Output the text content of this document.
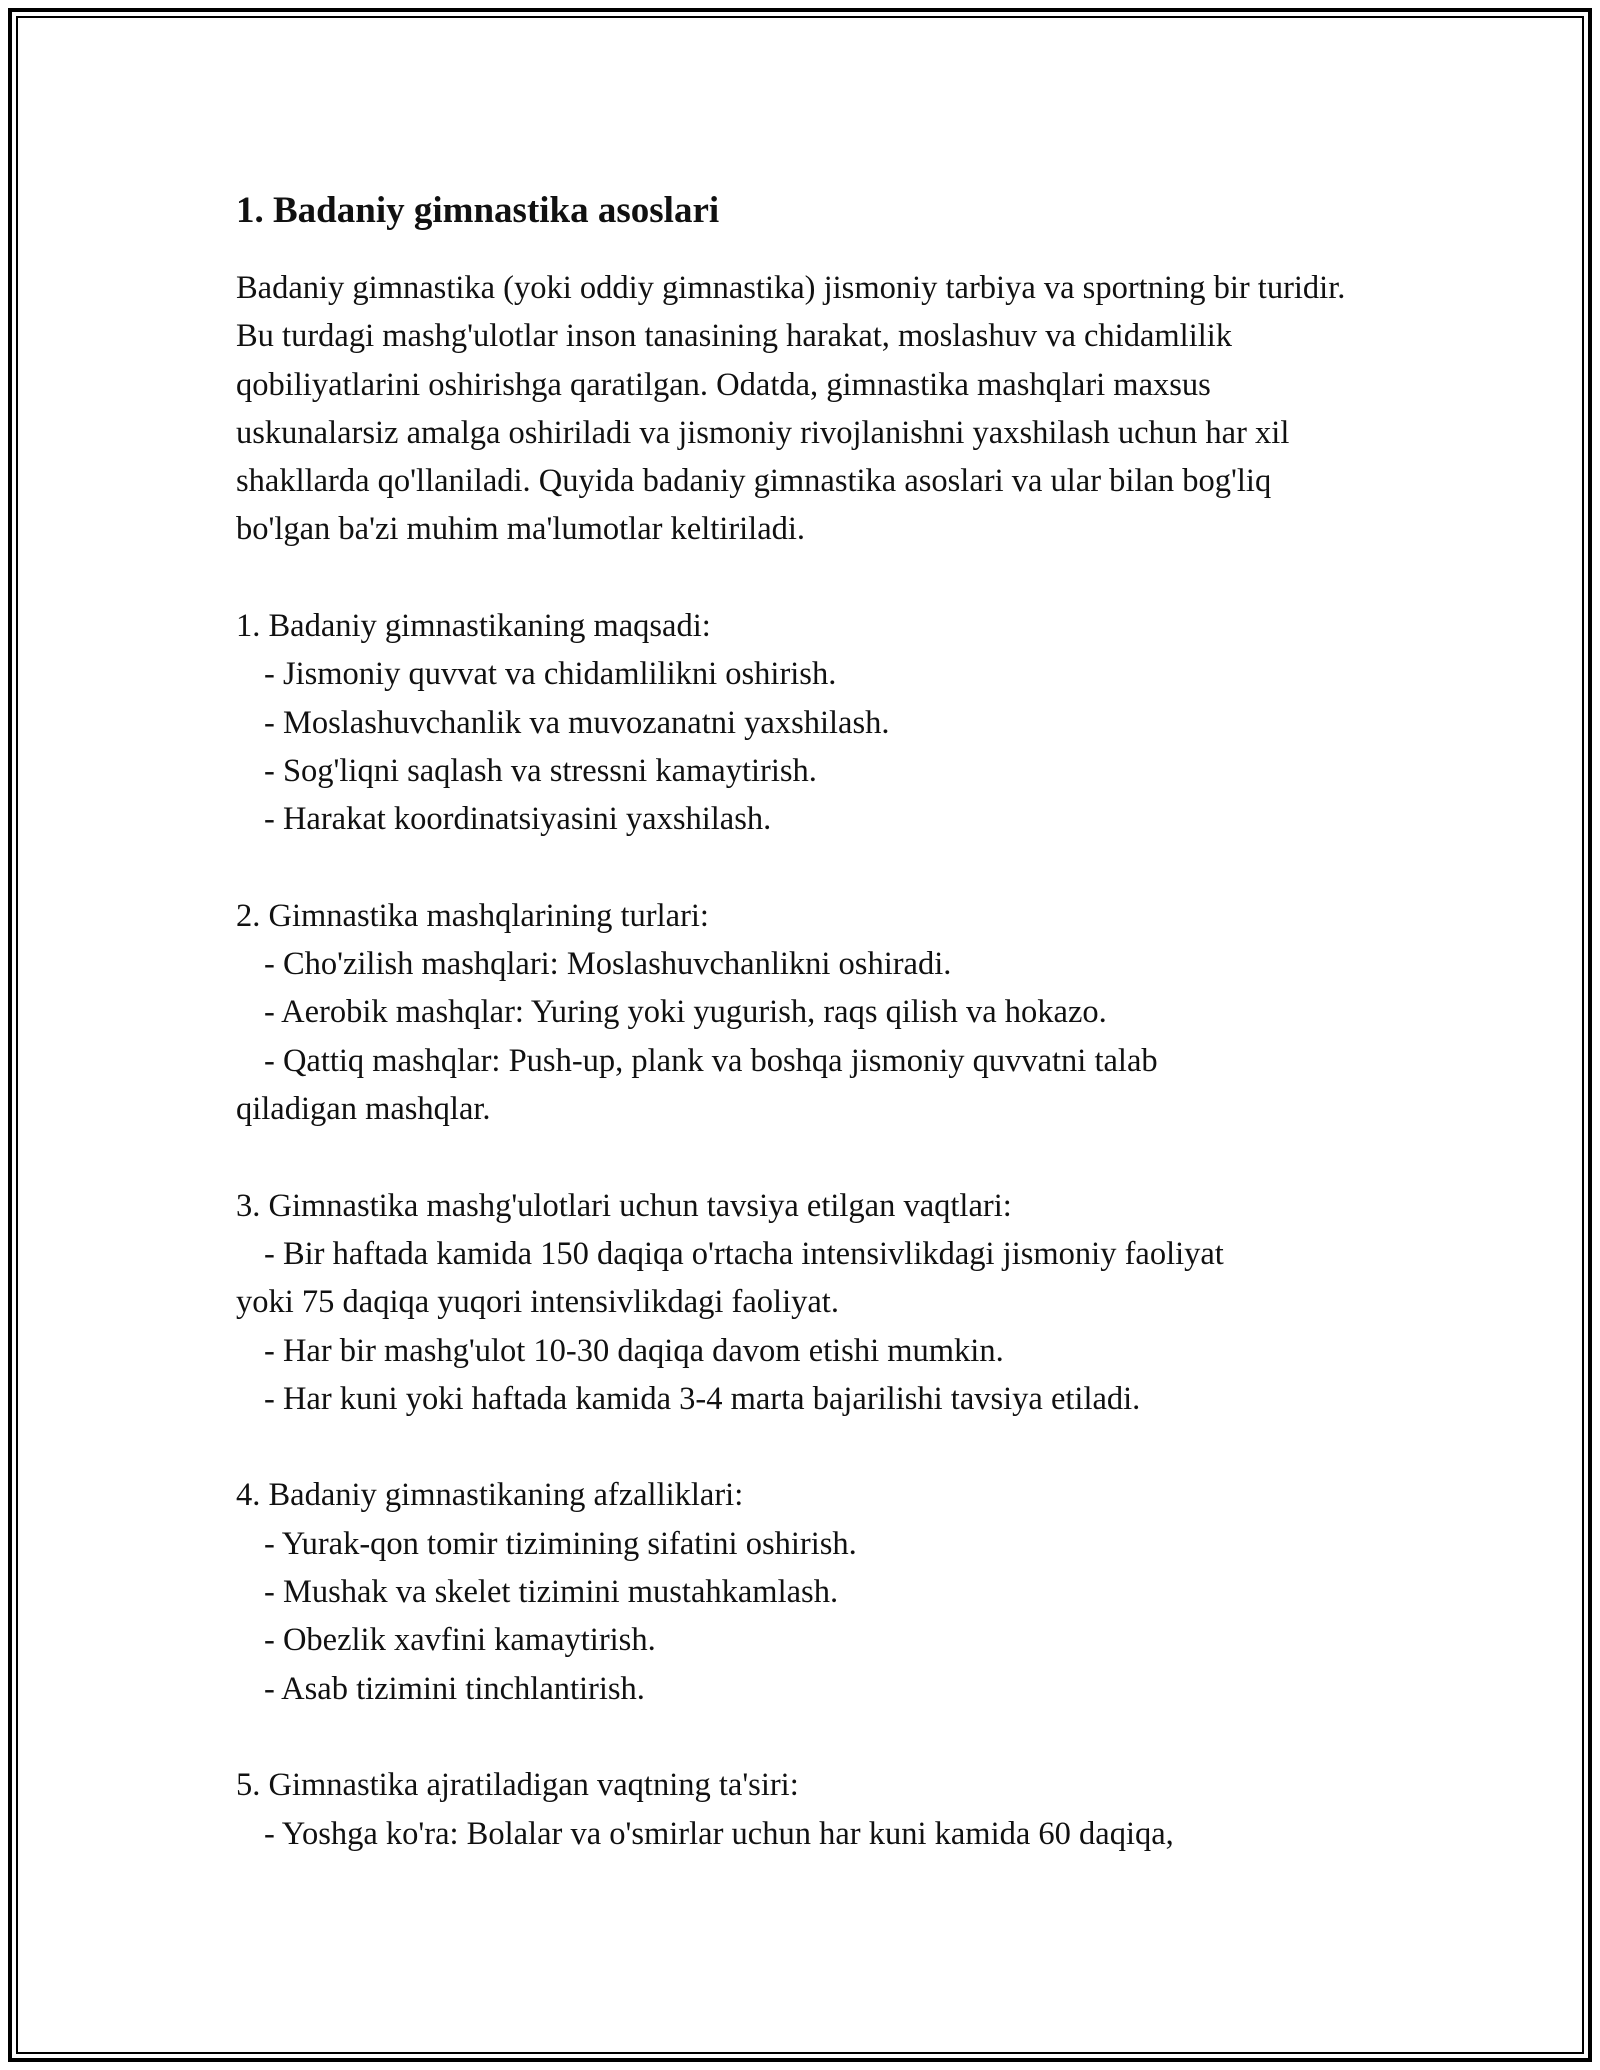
1. Badaniy gimnastika asoslari

Badaniy gimnastika (yoki oddiy gimnastika) jismoniy tarbiya va sportning bir turidir. Bu turdagi mashg'ulotlar inson tanasining harakat, moslashuv va chidamlilik qobiliyatlarini oshirishga qaratilgan. Odatda, gimnastika mashqlari maxsus uskunalarsiz amalga oshiriladi va jismoniy rivojlanishni yaxshilash uchun har xil shakllarda qo'llaniladi. Quyida badaniy gimnastika asoslari va ular bilan bog'liq bo'lgan ba'zi muhim ma'lumotlar keltiriladi.

1. Badaniy gimnastikaning maqsadi:

- Jismoniy quvvat va chidamlilikni oshirish.

- Moslashuvchanlik va muvozanatni yaxshilash.

- Sog'liqni saqlash va stressni kamaytirish.

- Harakat koordinatsiyasini yaxshilash.

2. Gimnastika mashqlarining turlari:

- Cho'zilish mashqlari: Moslashuvchanlikni oshiradi.

- Aerobik mashqlar: Yuring yoki yugurish, raqs qilish va hokazo.

- Qattiq mashqlar: Push-up, plank va boshqa jismoniy quvvatni talab

qiladigan mashqlar.

3. Gimnastika mashg'ulotlari uchun tavsiya etilgan vaqtlari:

- Bir haftada kamida 150 daqiqa o'rtacha intensivlikdagi jismoniy faoliyat

yoki 75 daqiqa yuqori intensivlikdagi faoliyat.

- Har bir mashg'ulot 10-30 daqiqa davom etishi mumkin.

- Har kuni yoki haftada kamida 3-4 marta bajarilishi tavsiya etiladi.

4. Badaniy gimnastikaning afzalliklari:

- Yurak-qon tomir tizimining sifatini oshirish.

- Mushak va skelet tizimini mustahkamlash.

- Obezlik xavfini kamaytirish.

- Asab tizimini tinchlantirish.

5. Gimnastika ajratiladigan vaqtning ta'siri:

- Yoshga ko'ra: Bolalar va o'smirlar uchun har kuni kamida 60 daqiqa,
